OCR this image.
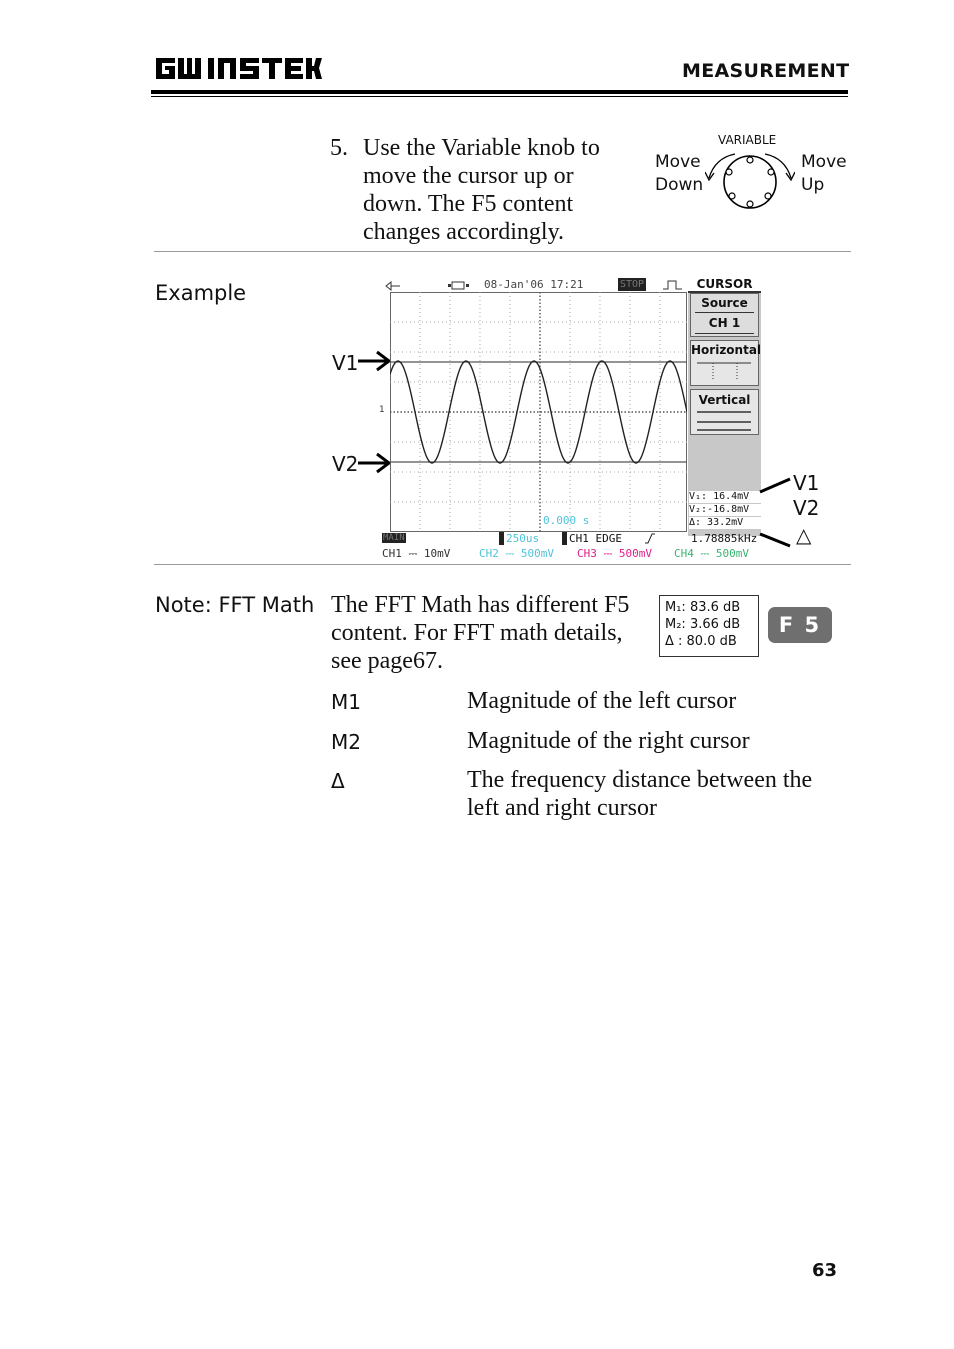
MEASUREMENT
5. Use the Variable knob to move the cursor up or down. The F5 content changes accordingly.
VARIABLE
Move
Down
Move
Up
Example
V1
V2
08-Jan'06 17:21	STOP
1
0.000 s
CURSOR
Source
CH 1
Horizontal
Vertical
V₁: 16.4mV
V₂:-16.8mV
Δ: 33.2mV
MAIN	250us	CH1 EDGE	1.78885kHz
CH1 ⎓ 10mV	CH2 ⎓ 500mV CH3 ⎓ 500mV CH4 ⎓ 500mV
V1
V2
△
Note: FFT Math The FFT Math has different F5 content. For FFT math details, see page67.
M₁: 83.6 dB
M₂: 3.66 dB
Δ : 80.0 dB
F 5
M1	Magnitude of the left cursor
M2	Magnitude of the right cursor
Δ	The frequency distance between the left and right cursor
63
